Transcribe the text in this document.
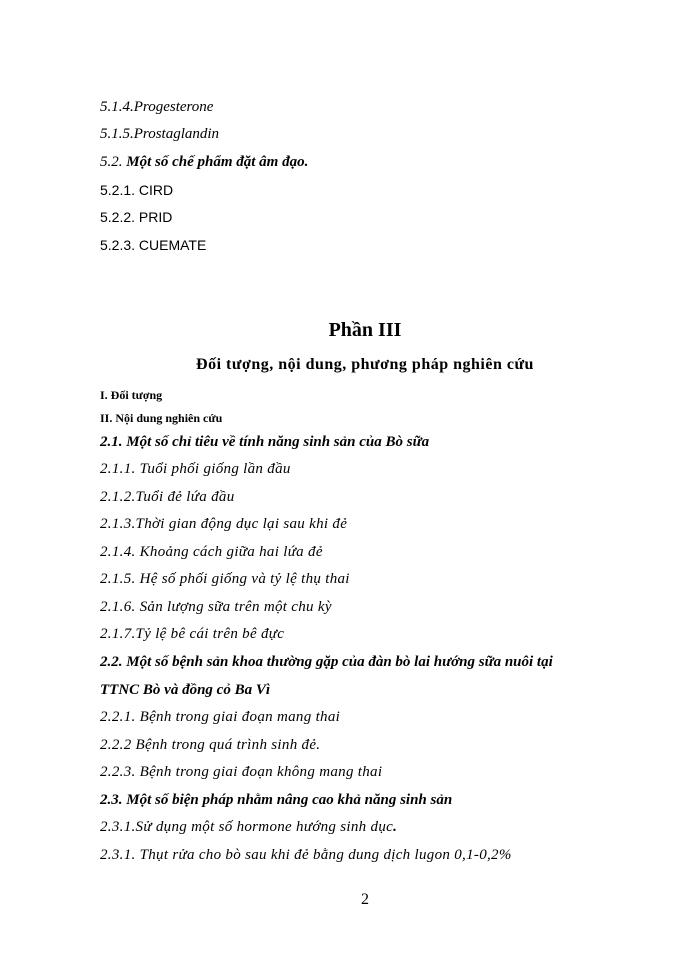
5.1.4.Progesterone
5.1.5.Prostaglandin
5.2. Một số chế phẩm đặt âm đạo.
5.2.1. CIRD
5.2.2. PRID
5.2.3. CUEMATE
Phần III
Đối tượng, nội dung, phương pháp nghiên cứu
I. Đối tượng
II. Nội dung nghiên cứu
2.1. Một số chỉ tiêu về tính năng sinh sản của Bò sữa
2.1.1. Tuổi phối giống lần đầu
2.1.2.Tuổi đẻ lứa đầu
2.1.3.Thời gian động dục lại sau khi đẻ
2.1.4. Khoảng cách giữa hai lứa đẻ
2.1.5. Hệ số phối giống và tỷ lệ thụ thai
2.1.6. Sản lượng sữa trên một chu kỳ
2.1.7.Tỷ lệ bê cái trên bê đực
2.2. Một số bệnh sản khoa thường gặp của đàn bò lai hướng sữa nuôi tại
TTNC Bò và đồng cỏ Ba Vì
2.2.1. Bệnh trong giai đoạn mang thai
2.2.2 Bệnh trong quá trình sinh đẻ.
2.2.3. Bệnh trong giai đoạn không mang thai
2.3. Một số biện pháp nhằm nâng cao khả năng sinh sản
2.3.1.Sử dụng một số hormone hướng sinh dục.
2.3.1. Thụt rửa cho bò sau khi đẻ bằng dung dịch lugon 0,1-0,2%
2
